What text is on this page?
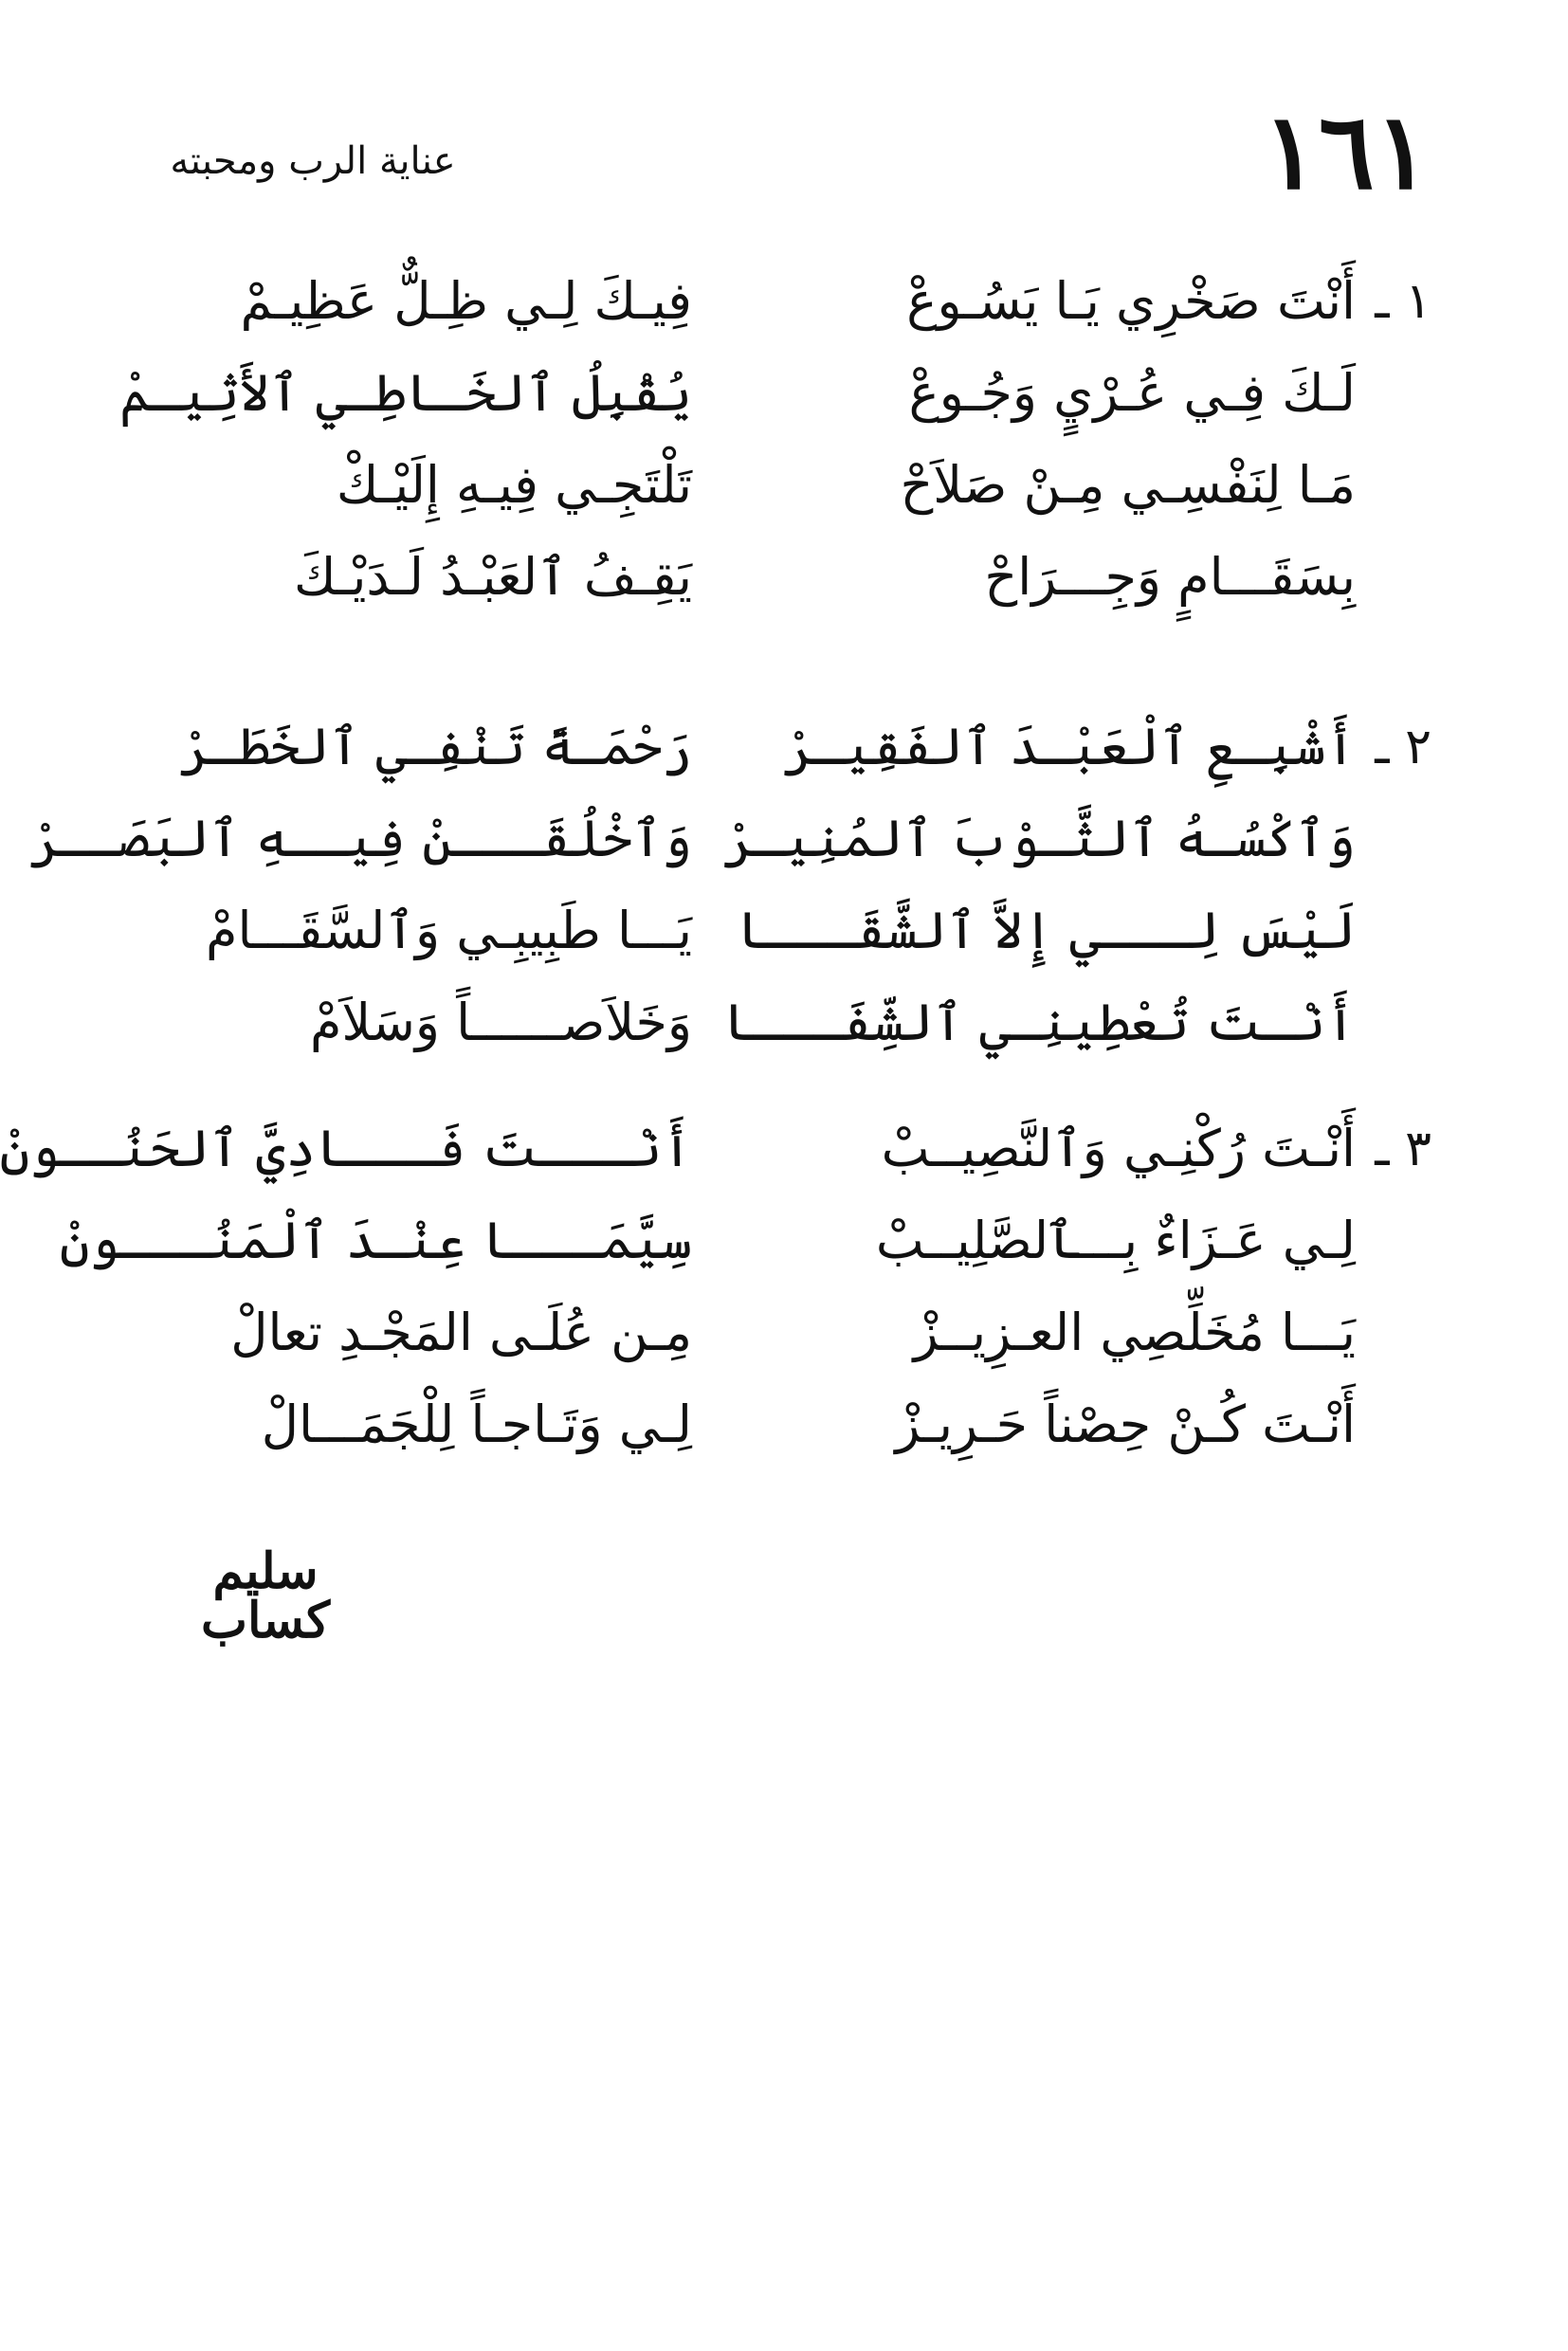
١٦١
عناية الرب ومحبته
١ ـ
أَنْتَ صَخْرِي يَـا يَسُـوعْ
فِيـكَ لِـي ظِـلٌّ عَظِيـمْ
لَـكَ فِـي عُـرْيٍ وَجُـوعْ
يُقْبِلُ ٱلخَـاطِـي ٱلأَثِيـمْ
مَـا لِنَفْسِـي مِـنْ صَلاَحْ
تَلْتَجِـي فِيـهِ إِلَيْـكْ
بِسَقَـــامٍ وَجِـــرَاحْ
يَقِـفُ ٱلعَبْـدُ لَـدَيْـكَ
٢ ـ
أَشْبِـعِ ٱلْعَبْـدَ ٱلفَقِيـرْ
رَحْمَـةً تَنْفِـي ٱلخَطَـرْ
وَٱكْسُـهُ ٱلثَّـوْبَ ٱلمُنِيـرْ
وَٱخْلُقَـــنْ فِيــهِ ٱلبَصَــرْ
لَيْسَ لِـــي إِلاَّ ٱلشَّقَـــا
يَـــا طَبِيبِـي وَٱلسَّقَـــامْ
أَنْـتَ تُعْطِينِـي ٱلشِّفَـــا
وَخَلاَصــــــاً وَسَلاَمْ
٣ ـ
أَنْـتَ رُكْنِـي وَٱلنَّصِيــبْ
أَنْـــتَ فَـــادِيَّ ٱلحَنُــونْ
لِـي عَـزَاءٌ بِـــٱلصَّلِيــبْ
سِيَّمَـــا عِنْـدَ ٱلْمَنُـــونْ
يَـــا مُخَلِّصِي العـزِيــزْ
مِـن عُلَـى المَجْـدِ تعالْ
أَنْـتَ كُـنْ حِصْناً حَـرِيـزْ
لِـي وَتَـاجـاً لِلْجَمَـــالْ
سليم كساب
